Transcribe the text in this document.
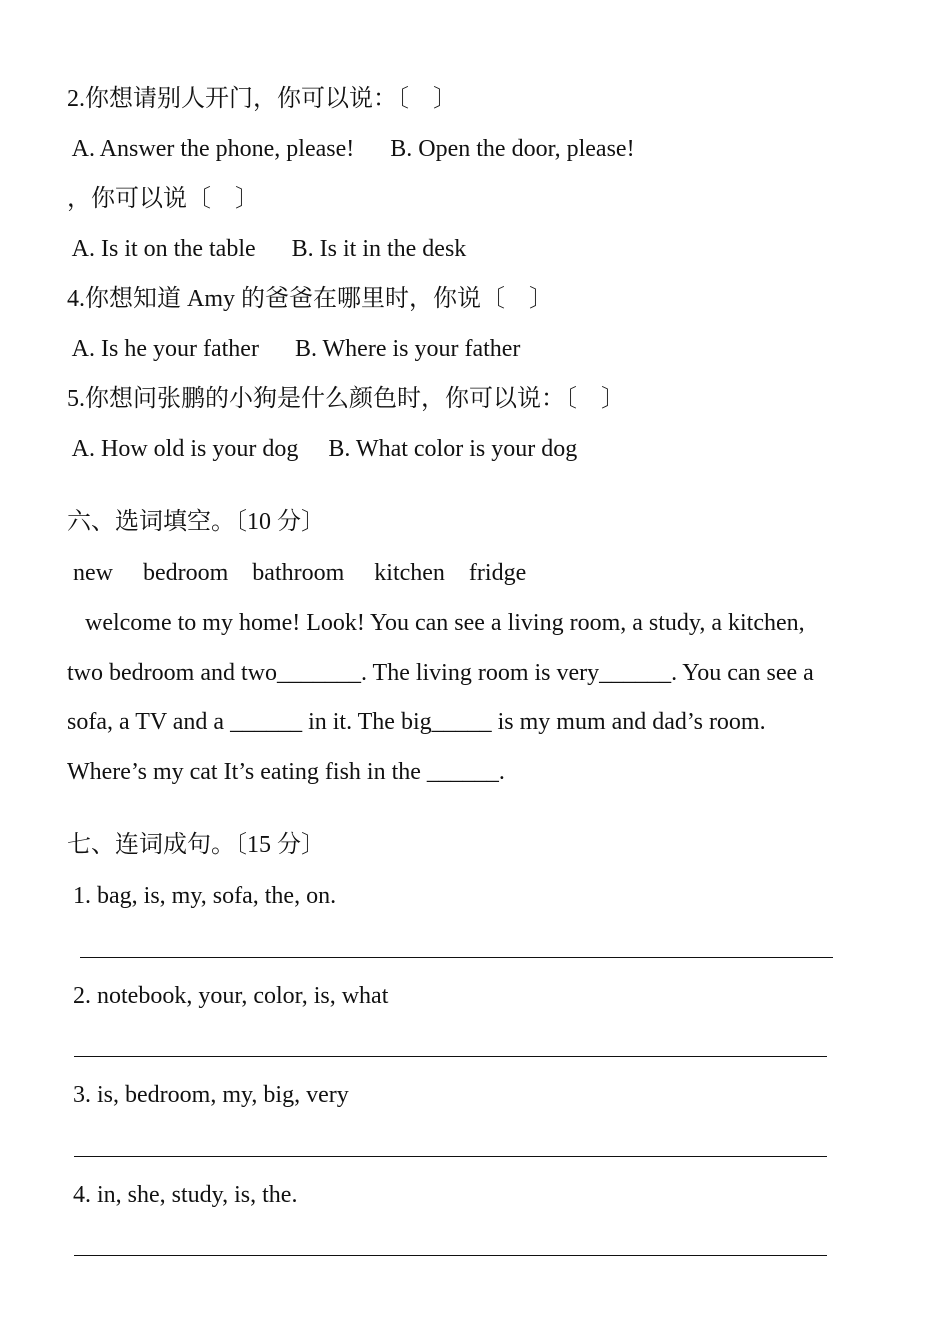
2.你想请别人开门，你可以说：〔    〕
A. Answer the phone, please!      B. Open the door, please!
，你可以说〔    〕
A. Is it on the table      B. Is it in the desk
4.你想知道 Amy 的爸爸在哪里时，你说〔    〕
A. Is he your father      B. Where is your father
5.你想问张鹏的小狗是什么颜色时，你可以说：〔    〕
A. How old is your dog     B. What color is your dog
六、选词填空。〔10 分〕
new     bedroom    bathroom     kitchen    fridge
welcome to my home! Look! You can see a living room, a study, a kitchen,
two bedroom and two_______. The living room is very______. You can see a
sofa, a TV and a ______ in it. The big_____ is my mum and dad’s room.
Where’s my cat It’s eating fish in the ______.
七、连词成句。〔15 分〕
1. bag, is, my, sofa, the, on.
2. notebook, your, color, is, what
3. is, bedroom, my, big, very
4. in, she, study, is, the.
